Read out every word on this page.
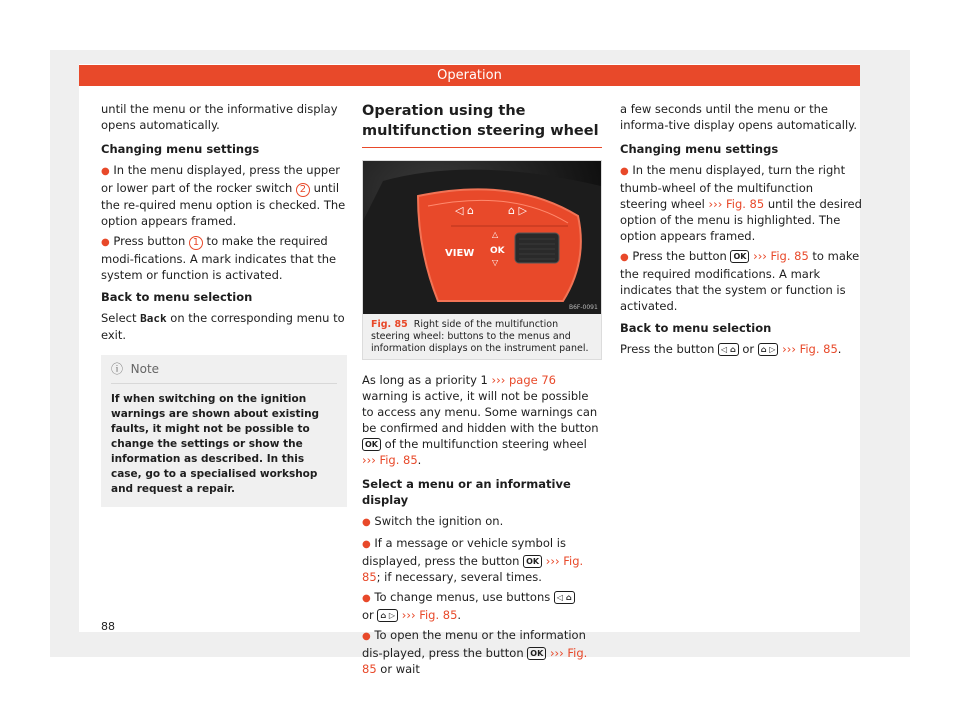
Operation

until the menu or the informative display opens automatically.

Changing menu settings

● In the menu displayed, press the upper or lower part of the rocker switch 2 until the re-quired menu option is checked. The option appears framed.

● Press button 1 to make the required modi-fications. A mark indicates that the system or function is activated.

Back to menu selection

Select Back on the corresponding menu to exit.

ⓘ Note
If when switching on the ignition warnings are shown about existing faults, it might not be possible to change the settings or show the information as described. In this case, go to a specialised workshop and request a repair.
Operation using the multifunction steering wheel
◁ ⌂	⌂ ▷
VIEW
△
OK
▽
B6F-0091
Fig. 85 Right side of the multifunction steering wheel: buttons to the menus and information displays on the instrument panel.

As long as a priority 1 ››› page 76 warning is active, it will not be possible to access any menu. Some warnings can be confirmed and hidden with the button OK of the multifunction steering wheel ››› Fig. 85.

Select a menu or an informative display

● Switch the ignition on.

● If a message or vehicle symbol is displayed, press the button OK ››› Fig. 85; if necessary, several times.

● To change menus, use buttons ◁ ⌂
or ⌂ ▷ ››› Fig. 85.

● To open the menu or the information dis-played, press the button OK ››› Fig. 85 or wait

a few seconds until the menu or the informa-tive display opens automatically.

Changing menu settings

● In the menu displayed, turn the right thumb-wheel of the multifunction steering wheel ››› Fig. 85 until the desired option of the menu is highlighted. The option appears framed.

● Press the button OK ››› Fig. 85 to make the required modifications. A mark indicates that the system or function is activated.

Back to menu selection

Press the button ◁ ⌂ or ⌂ ▷ ››› Fig. 85.

88
